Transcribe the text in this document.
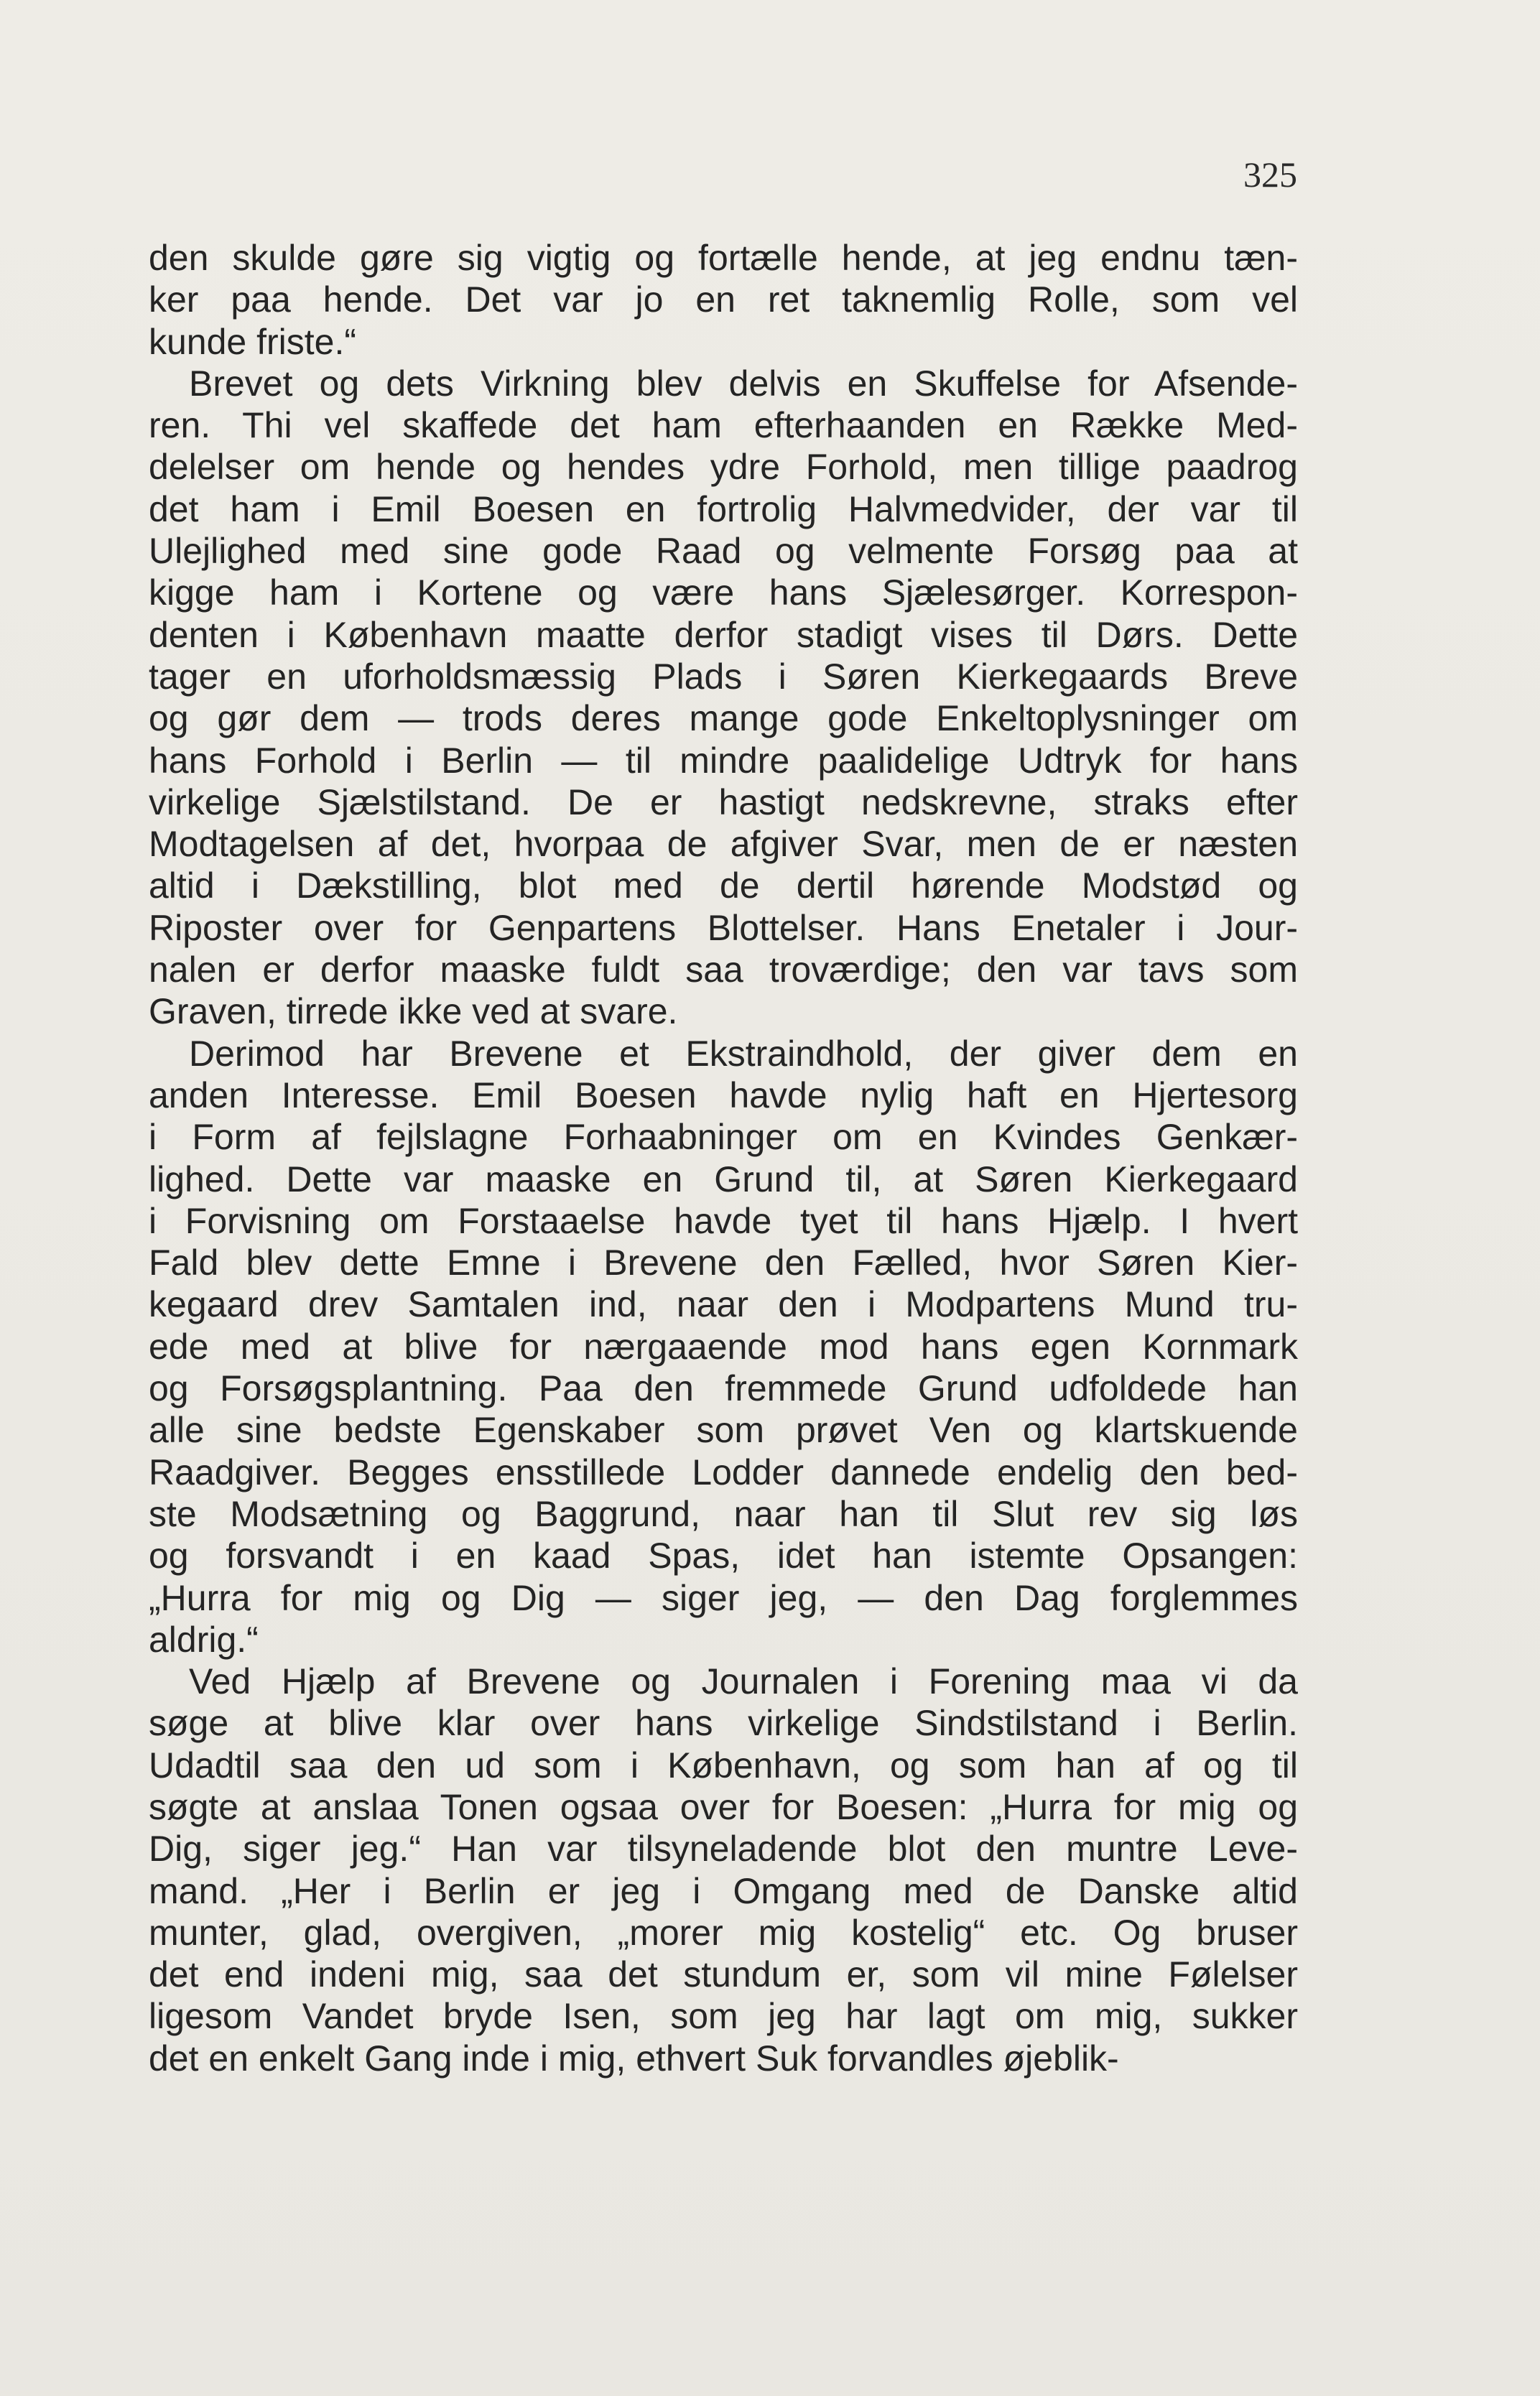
325
den skulde gøre sig vigtig og fortælle hende, at jeg endnu tæn-
ker paa hende. Det var jo en ret taknemlig Rolle, som vel
kunde friste.“
Brevet og dets Virkning blev delvis en Skuffelse for Afsende-
ren. Thi vel skaffede det ham efterhaanden en Række Med-
delelser om hende og hendes ydre Forhold, men tillige paadrog
det ham i Emil Boesen en fortrolig Halvmedvider, der var til
Ulejlighed med sine gode Raad og velmente Forsøg paa at
kigge ham i Kortene og være hans Sjælesørger. Korrespon-
denten i København maatte derfor stadigt vises til Dørs. Dette
tager en uforholdsmæssig Plads i Søren Kierkegaards Breve
og gør dem — trods deres mange gode Enkeltoplysninger om
hans Forhold i Berlin — til mindre paalidelige Udtryk for hans
virkelige Sjælstilstand. De er hastigt nedskrevne, straks efter
Modtagelsen af det, hvorpaa de afgiver Svar, men de er næsten
altid i Dækstilling, blot med de dertil hørende Modstød og
Riposter over for Genpartens Blottelser. Hans Enetaler i Jour-
nalen er derfor maaske fuldt saa troværdige; den var tavs som
Graven, tirrede ikke ved at svare.
Derimod har Brevene et Ekstraindhold, der giver dem en
anden Interesse. Emil Boesen havde nylig haft en Hjertesorg
i Form af fejlslagne Forhaabninger om en Kvindes Genkær-
lighed. Dette var maaske en Grund til, at Søren Kierkegaard
i Forvisning om Forstaaelse havde tyet til hans Hjælp. I hvert
Fald blev dette Emne i Brevene den Fælled, hvor Søren Kier-
kegaard drev Samtalen ind, naar den i Modpartens Mund tru-
ede med at blive for nærgaaende mod hans egen Kornmark
og Forsøgsplantning. Paa den fremmede Grund udfoldede han
alle sine bedste Egenskaber som prøvet Ven og klartskuende
Raadgiver. Begges ensstillede Lodder dannede endelig den bed-
ste Modsætning og Baggrund, naar han til Slut rev sig løs
og forsvandt i en kaad Spas, idet han istemte Opsangen:
„Hurra for mig og Dig — siger jeg, — den Dag forglemmes
aldrig.“
Ved Hjælp af Brevene og Journalen i Forening maa vi da
søge at blive klar over hans virkelige Sindstilstand i Berlin.
Udadtil saa den ud som i København, og som han af og til
søgte at anslaa Tonen ogsaa over for Boesen: „Hurra for mig og
Dig, siger jeg.“ Han var tilsyneladende blot den muntre Leve-
mand. „Her i Berlin er jeg i Omgang med de Danske altid
munter, glad, overgiven, „morer mig kostelig“ etc. Og bruser
det end indeni mig, saa det stundum er, som vil mine Følelser
ligesom Vandet bryde Isen, som jeg har lagt om mig, sukker
det en enkelt Gang inde i mig, ethvert Suk forvandles øjeblik-
